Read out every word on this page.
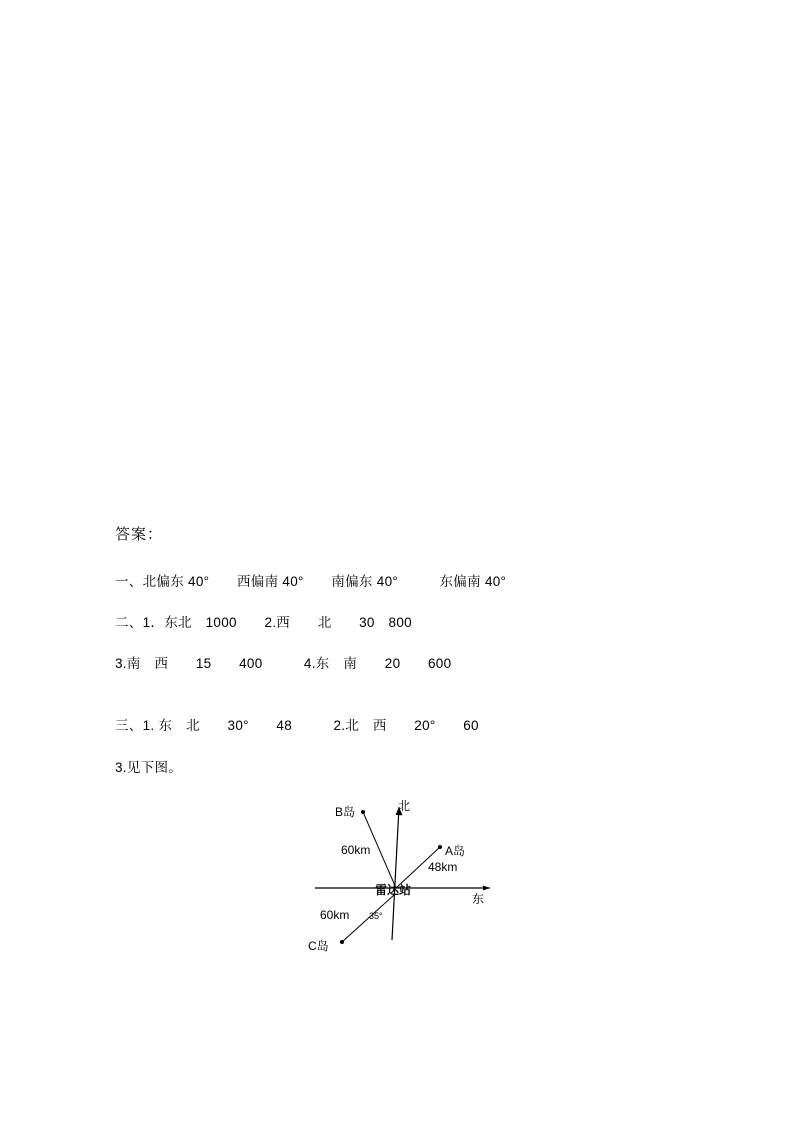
答案：
一、北偏东 40°　　西偏南 40°　　南偏东 40°　　　东偏南 40°
二、1．东北　1000　　2.西　　北　　30　800
3.南　西　　15　　400　　　4.东　南　　20　　600
三、1. 东　北　　30°　　48　　　2.北　西　　20°　　60
3.见下图。
北
东
B岛
60km	A岛
48km
雷达站
60km 35°
C岛
